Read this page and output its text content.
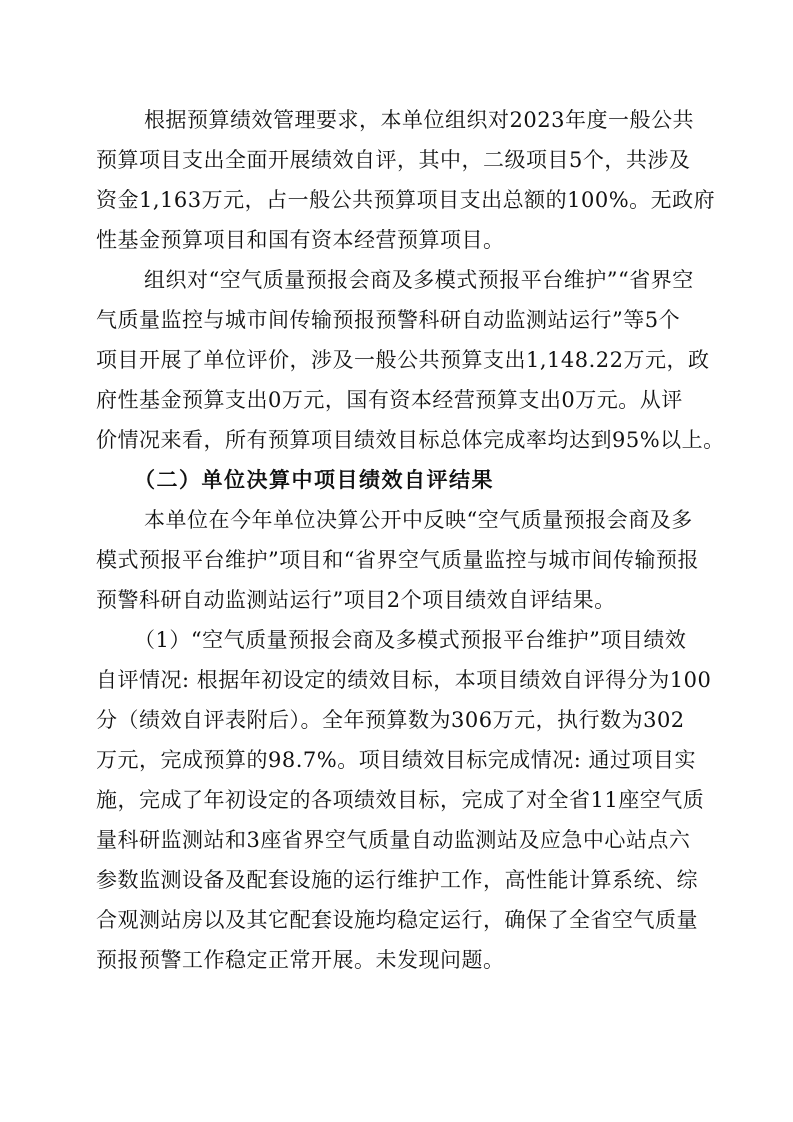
根据预算绩效管理要求，本单位组织对2023年度一般公共
预算项目支出全面开展绩效自评，其中，二级项目5个，共涉及
资金1,163万元，占一般公共预算项目支出总额的100%。无政府
性基金预算项目和国有资本经营预算项目。
组织对“空气质量预报会商及多模式预报平台维护”“省界空
气质量监控与城市间传输预报预警科研自动监测站运行”等5个
项目开展了单位评价，涉及一般公共预算支出1,148.22万元，政
府性基金预算支出0万元，国有资本经营预算支出0万元。从评
价情况来看，所有预算项目绩效目标总体完成率均达到95%以上。
（二）单位决算中项目绩效自评结果
本单位在今年单位决算公开中反映“空气质量预报会商及多
模式预报平台维护”项目和“省界空气质量监控与城市间传输预报
预警科研自动监测站运行”项目2个项目绩效自评结果。
（1）“空气质量预报会商及多模式预报平台维护”项目绩效
自评情况: 根据年初设定的绩效目标，本项目绩效自评得分为100
分（绩效自评表附后）。全年预算数为306万元，执行数为302
万元，完成预算的98.7%。项目绩效目标完成情况: 通过项目实
施，完成了年初设定的各项绩效目标，完成了对全省11座空气质
量科研监测站和3座省界空气质量自动监测站及应急中心站点六
参数监测设备及配套设施的运行维护工作，高性能计算系统、综
合观测站房以及其它配套设施均稳定运行，确保了全省空气质量
预报预警工作稳定正常开展。未发现问题。
